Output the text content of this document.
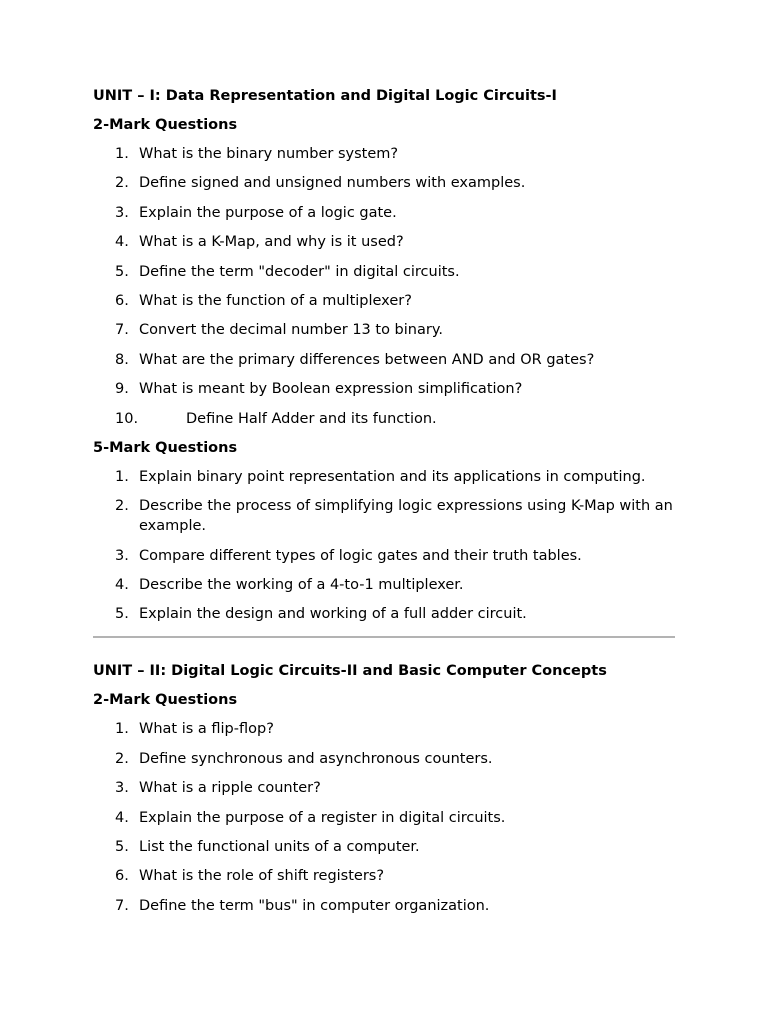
UNIT – I: Data Representation and Digital Logic Circuits-I
2-Mark Questions
1. What is the binary number system?
2. Define signed and unsigned numbers with examples.
3. Explain the purpose of a logic gate.
4. What is a K-Map, and why is it used?
5. Define the term "decoder" in digital circuits.
6. What is the function of a multiplexer?
7. Convert the decimal number 13 to binary.
8. What are the primary differences between AND and OR gates?
9. What is meant by Boolean expression simplification?
10.	Define Half Adder and its function.
5-Mark Questions
1. Explain binary point representation and its applications in computing.
2. Describe the process of simplifying logic expressions using K-Map with an example.
3. Compare different types of logic gates and their truth tables.
4. Describe the working of a 4-to-1 multiplexer.
5. Explain the design and working of a full adder circuit.
UNIT – II: Digital Logic Circuits-II and Basic Computer Concepts
2-Mark Questions
1. What is a flip-flop?
2. Define synchronous and asynchronous counters.
3. What is a ripple counter?
4. Explain the purpose of a register in digital circuits.
5. List the functional units of a computer.
6. What is the role of shift registers?
7. Define the term "bus" in computer organization.
